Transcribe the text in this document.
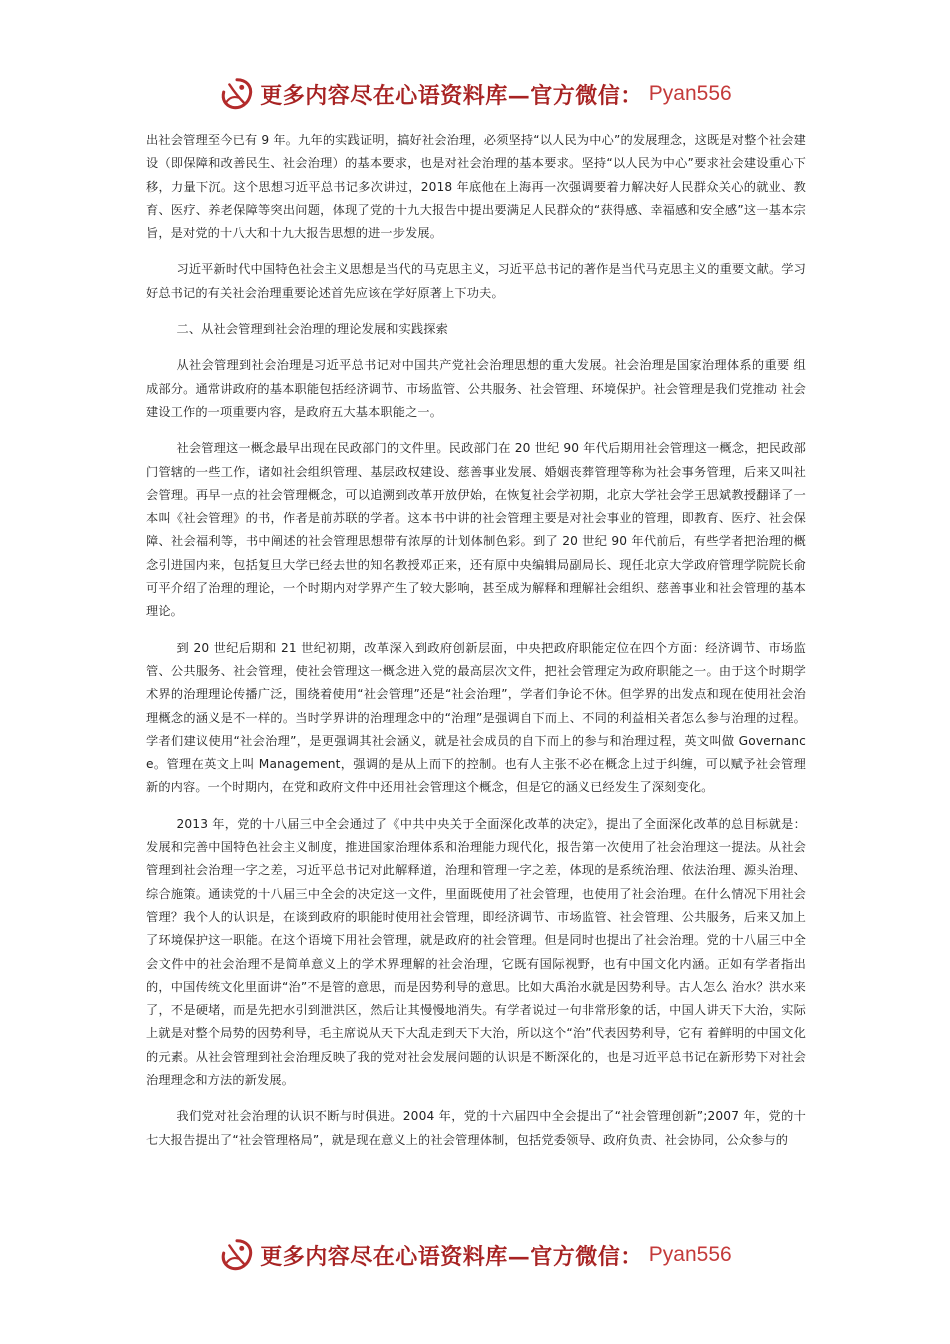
更多内容尽在心语资料库—官方微信： Pyan556

出社会管理至今已有 9 年。九年的实践证明，搞好社会治理，必须坚持“以人民为中心”的发展理念，这既是对整个社会建设（即保障和改善民生、社会治理）的基本要求，也是对社会治理的基本要求。坚持“以人民为中心”要求社会建设重心下移，力量下沉。这个思想习近平总书记多次讲过，2018 年底他在上海再一次强调要着力解决好人民群众关心的就业、教育、医疗、养老保障等突出问题，体现了党的十九大报告中提出要满足人民群众的“获得感、幸福感和安全感”这一基本宗旨，是对党的十八大和十九大报告思想的进一步发展。

习近平新时代中国特色社会主义思想是当代的马克思主义，习近平总书记的著作是当代马克思主义的重要文献。学习好总书记的有关社会治理重要论述首先应该在学好原著上下功夫。

二、从社会管理到社会治理的理论发展和实践探索

从社会管理到社会治理是习近平总书记对中国共产党社会治理思想的重大发展。社会治理是国家治理体系的重要 组成部分。通常讲政府的基本职能包括经济调节、市场监管、公共服务、社会管理、环境保护。社会管理是我们党推动 社会建设工作的一项重要内容，是政府五大基本职能之一。

社会管理这一概念最早出现在民政部门的文件里。民政部门在 20 世纪 90 年代后期用社会管理这一概念，把民政部门管辖的一些工作，诸如社会组织管理、基层政权建设、慈善事业发展、婚姻丧葬管理等称为社会事务管理，后来又叫社会管理。再早一点的社会管理概念，可以追溯到改革开放伊始，在恢复社会学初期，北京大学社会学王思斌教授翻译了一本叫《社会管理》的书，作者是前苏联的学者。这本书中讲的社会管理主要是对社会事业的管理，即教育、医疗、社会保障、社会福利等，书中阐述的社会管理思想带有浓厚的计划体制色彩。到了 20 世纪 90 年代前后，有些学者把治理的概念引进国内来，包括复旦大学已经去世的知名教授邓正来，还有原中央编辑局副局长、现任北京大学政府管理学院院长俞可平介绍了治理的理论，一个时期内对学界产生了较大影响，甚至成为解释和理解社会组织、慈善事业和社会管理的基本理论。

到 20 世纪后期和 21 世纪初期，改革深入到政府创新层面，中央把政府职能定位在四个方面：经济调节、市场监管、公共服务、社会管理，使社会管理这一概念进入党的最高层次文件，把社会管理定为政府职能之一。由于这个时期学术界的治理理论传播广泛，围绕着使用“社会管理”还是“社会治理”，学者们争论不休。但学界的出发点和现在使用社会治理概念的涵义是不一样的。当时学界讲的治理理念中的“治理”是强调自下而上、不同的利益相关者怎么参与治理的过程。学者们建议使用“社会治理”，是更强调其社会涵义，就是社会成员的自下而上的参与和治理过程，英文叫做 Governance。管理在英文上叫 Management，强调的是从上而下的控制。也有人主张不必在概念上过于纠缠，可以赋予社会管理新的内容。一个时期内，在党和政府文件中还用社会管理这个概念，但是它的涵义已经发生了深刻变化。

2013 年，党的十八届三中全会通过了《中共中央关于全面深化改革的决定》，提出了全面深化改革的总目标就是： 发展和完善中国特色社会主义制度，推进国家治理体系和治理能力现代化，报告第一次使用了社会治理这一提法。从社会管理到社会治理一字之差，习近平总书记对此解释道，治理和管理一字之差，体现的是系统治理、依法治理、源头治理、综合施策。通读党的十八届三中全会的决定这一文件，里面既使用了社会管理，也使用了社会治理。在什么情况下用社会管理？我个人的认识是，在谈到政府的职能时使用社会管理，即经济调节、市场监管、社会管理、公共服务，后来又加上了环境保护这一职能。在这个语境下用社会管理，就是政府的社会管理。但是同时也提出了社会治理。党的十八届三中全会文件中的社会治理不是简单意义上的学术界理解的社会治理，它既有国际视野，也有中国文化内涵。正如有学者指出的，中国传统文化里面讲“治”不是管的意思，而是因势利导的意思。比如大禹治水就是因势利导。古人怎么 治水？洪水来了，不是硬堵，而是先把水引到泄洪区，然后让其慢慢地消失。有学者说过一句非常形象的话，中国人讲天下大治，实际上就是对整个局势的因势利导，毛主席说从天下大乱走到天下大治，所以这个“治”代表因势利导，它有 着鲜明的中国文化的元素。从社会管理到社会治理反映了我的党对社会发展问题的认识是不断深化的，也是习近平总书记在新形势下对社会治理理念和方法的新发展。

我们党对社会治理的认识不断与时俱进。2004 年，党的十六届四中全会提出了“社会管理创新”;2007 年，党的十七大报告提出了“社会管理格局”，就是现在意义上的社会管理体制，包括党委领导、政府负责、社会协同，公众参与的

更多内容尽在心语资料库—官方微信： Pyan556
